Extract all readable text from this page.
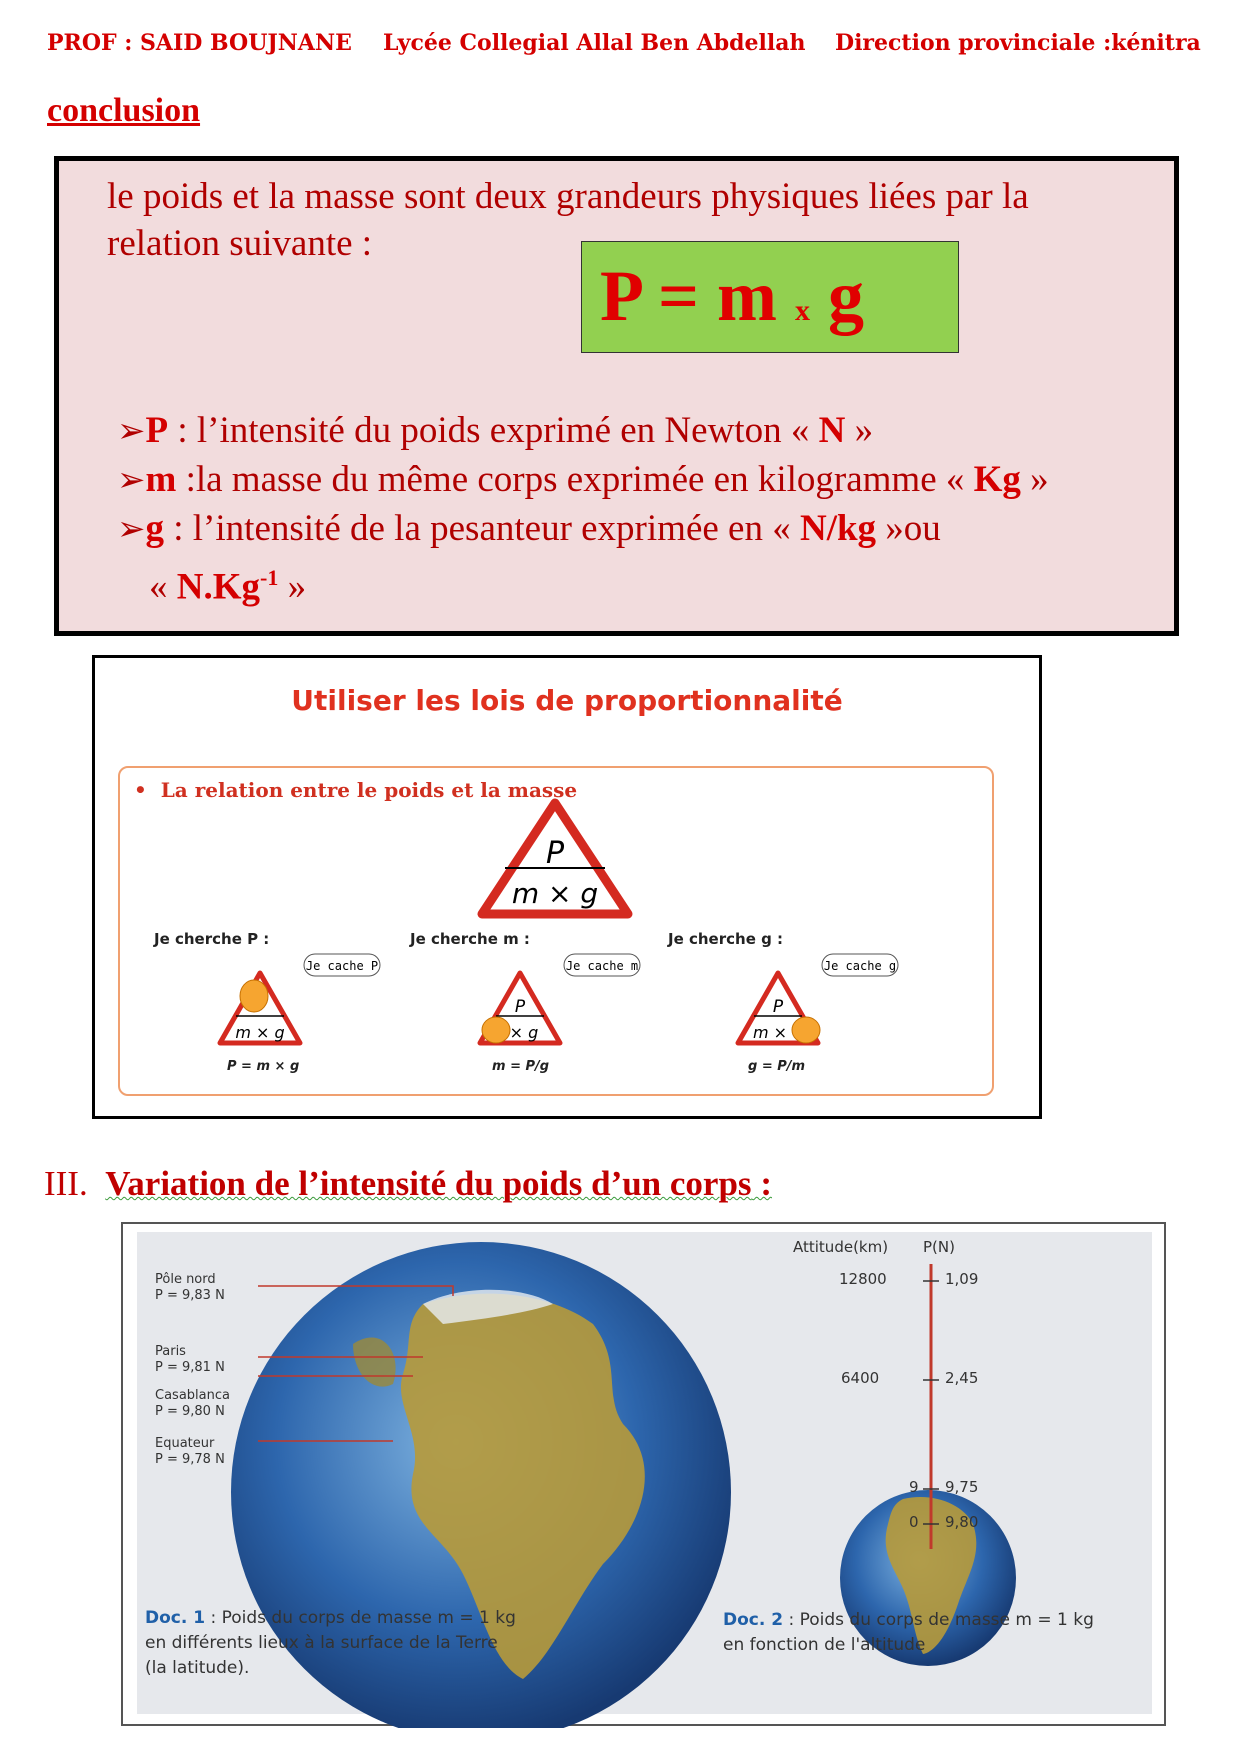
PROF : SAID BOUJNANE Lycée Collegial Allal Ben Abdellah Direction provinciale :kénitra
conclusion
le poids et la masse sont deux grandeurs physiques liées par la relation suivante :
P = m x g
➢P : l’intensité du poids exprimé en Newton « N »
➢m :la masse du même corps exprimée en kilogramme « Kg »
➢g : l’intensité de la pesanteur exprimée en « N/kg »ou
« $N.Kg^{-1}$ »
Utiliser les lois de proportionnalité
•  La relation entre le poids et la masse
P
m × g
m × g
Je cache P
P
× g
Je cache m
P
m ×
Je cache g
Je cherche P :	Je cherche m :	Je cherche g :
P = m × g	m = P/g	g = P/m
III. Variation de l’intensité du poids d’un corps :
Pôle nord
P = 9,83 N
Paris
P = 9,81 N
Casablanca
P = 9,80 N
Equateur
P = 9,78 N
Attitude(km) P(N)
12800	1,09
6400	2,45
9 9,75
0 9,80
Doc. 1 : Poids du corps de masse m = 1 kg
en différents lieux à la surface de la Terre
(la latitude).
Doc. 2 : Poids du corps de masse m = 1 kg
en fonction de l'altitude
